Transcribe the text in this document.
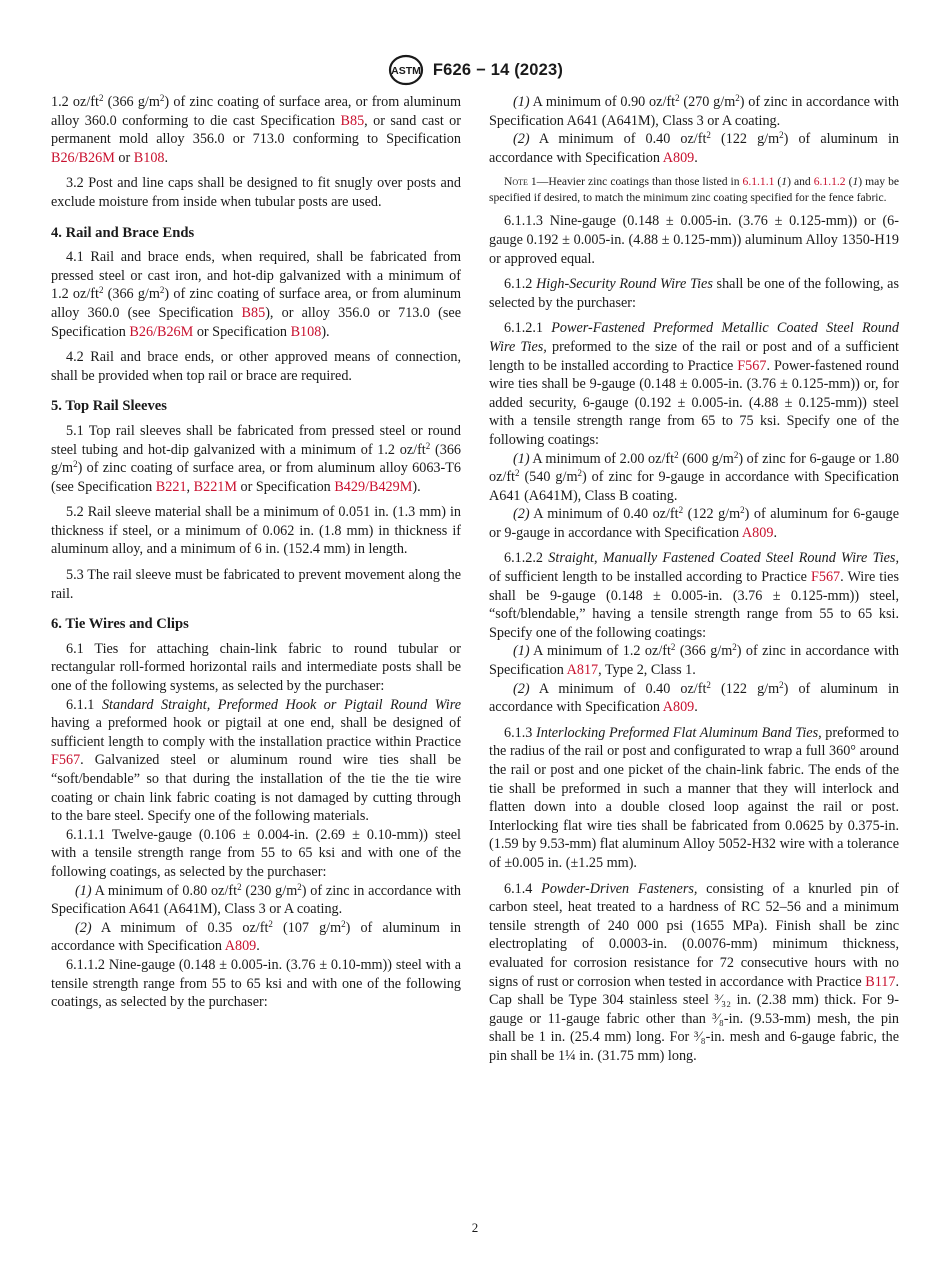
ASTM F626 − 14 (2023)

1.2 $oz/ft^2$ (366 $g/m^2$) of zinc coating of surface area, or from aluminum alloy 360.0 conforming to die cast Specification B85, or sand cast or permanent mold alloy 356.0 or 713.0 conforming to Specification B26/B26M or B108.

3.2 Post and line caps shall be designed to fit snugly over posts and exclude moisture from inside when tubular posts are used.

4. Rail and Brace Ends

4.1 Rail and brace ends, when required, shall be fabricated from pressed steel or cast iron, and hot-dip galvanized with a minimum of 1.2 $oz/ft^2$ (366 $g/m^2$) of zinc coating of surface area, or from aluminum alloy 360.0 (see Specification B85), or alloy 356.0 or 713.0 (see Specification B26/B26M or Specification B108).

4.2 Rail and brace ends, or other approved means of connection, shall be provided when top rail or brace are required.

5. Top Rail Sleeves

5.1 Top rail sleeves shall be fabricated from pressed steel or round steel tubing and hot-dip galvanized with a minimum of 1.2 $oz/ft^2$ (366 $g/m^2$) of zinc coating of surface area, or from aluminum alloy 6063-T6 (see Specification B221, B221M or Specification B429/B429M).

5.2 Rail sleeve material shall be a minimum of 0.051 in. (1.3 mm) in thickness if steel, or a minimum of 0.062 in. (1.8 mm) in thickness if aluminum alloy, and a minimum of 6 in. (152.4 mm) in length.

5.3 The rail sleeve must be fabricated to prevent movement along the rail.

6. Tie Wires and Clips

6.1 Ties for attaching chain-link fabric to round tubular or rectangular roll-formed horizontal rails and intermediate posts shall be one of the following systems, as selected by the purchaser:

6.1.1 Standard Straight, Preformed Hook or Pigtail Round Wire having a preformed hook or pigtail at one end, shall be designed of sufficient length to comply with the installation practice within Practice F567. Galvanized steel or aluminum round wire ties shall be “soft/bendable” so that during the installation of the tie the tie wire coating or chain link fabric coating is not damaged by cutting through to the bare steel. Specify one of the following materials.

6.1.1.1 Twelve-gauge (0.106 ± 0.004-in. (2.69 ± 0.10-mm)) steel with a tensile strength range from 55 to 65 ksi and with one of the following coatings, as selected by the purchaser:

(1) A minimum of 0.80 $oz/ft^2$ (230 $g/m^2$) of zinc in accordance with Specification A641 (A641M), Class 3 or A coating.

(2) A minimum of 0.35 $oz/ft^2$ (107 $g/m^2$) of aluminum in accordance with Specification A809.

6.1.1.2 Nine-gauge (0.148 ± 0.005-in. (3.76 ± 0.10-mm)) steel with a tensile strength range from 55 to 65 ksi and with one of the following coatings, as selected by the purchaser:

(1) A minimum of 0.90 $oz/ft^2$ (270 $g/m^2$) of zinc in accordance with Specification A641 (A641M), Class 3 or A coating.

(2) A minimum of 0.40 $oz/ft^2$ (122 $g/m^2$) of aluminum in accordance with Specification A809.

Note 1—Heavier zinc coatings than those listed in 6.1.1.1 (1) and 6.1.1.2 (1) may be specified if desired, to match the minimum zinc coating specified for the fence fabric.

6.1.1.3 Nine-gauge (0.148 ± 0.005-in. (3.76 ± 0.125-mm)) or (6-gauge 0.192 ± 0.005-in. (4.88 ± 0.125-mm)) aluminum Alloy 1350-H19 or approved equal.

6.1.2 High-Security Round Wire Ties shall be one of the following, as selected by the purchaser:

6.1.2.1 Power-Fastened Preformed Metallic Coated Steel Round Wire Ties, preformed to the size of the rail or post and of a sufficient length to be installed according to Practice F567. Power-fastened round wire ties shall be 9-gauge (0.148 ± 0.005-in. (3.76 ± 0.125-mm)) or, for added security, 6-gauge (0.192 ± 0.005-in. (4.88 ± 0.125-mm)) steel with a tensile strength range from 65 to 75 ksi. Specify one of the following coatings:

(1) A minimum of 2.00 $oz/ft^2$ (600 $g/m^2$) of zinc for 6-gauge or 1.80 $oz/ft^2$ (540 $g/m^2$) of zinc for 9-gauge in accordance with Specification A641 (A641M), Class B coating.

(2) A minimum of 0.40 $oz/ft^2$ (122 $g/m^2$) of aluminum for 6-gauge or 9-gauge in accordance with Specification A809.

6.1.2.2 Straight, Manually Fastened Coated Steel Round Wire Ties, of sufficient length to be installed according to Practice F567. Wire ties shall be 9-gauge (0.148 ± 0.005-in. (3.76 ± 0.125-mm)) steel, “soft/blendable,” having a tensile strength range from 55 to 65 ksi. Specify one of the following coatings:

(1) A minimum of 1.2 $oz/ft^2$ (366 $g/m^2$) of zinc in accordance with Specification A817, Type 2, Class 1.

(2) A minimum of 0.40 $oz/ft^2$ (122 $g/m^2$) of aluminum in accordance with Specification A809.

6.1.3 Interlocking Preformed Flat Aluminum Band Ties, preformed to the radius of the rail or post and configurated to wrap a full 360° around the rail or post and one picket of the chain-link fabric. The ends of the tie shall be preformed in such a manner that they will interlock and flatten down into a double closed loop against the rail or post. Interlocking flat wire ties shall be fabricated from 0.0625 by 0.375-in. (1.59 by 9.53-mm) flat aluminum Alloy 5052-H32 wire with a tolerance of ±0.005 in. (±1.25 mm).

6.1.4 Powder-Driven Fasteners, consisting of a knurled pin of carbon steel, heat treated to a hardness of RC 52–56 and a minimum tensile strength of 240 000 psi (1655 MPa). Finish shall be zinc electroplating of 0.0003-in. (0.0076-mm) minimum thickness, evaluated for corrosion resistance for 72 consecutive hours with no signs of rust or corrosion when tested in accordance with Practice B117. Cap shall be Type 304 stainless steel ³⁄₃₂ in. (2.38 mm) thick. For 9-gauge or 11-gauge fabric other than ³⁄₈-in. (9.53-mm) mesh, the pin shall be 1 in. (25.4 mm) long. For ³⁄₈-in. mesh and 6-gauge fabric, the pin shall be 1¼ in. (31.75 mm) long.

2
